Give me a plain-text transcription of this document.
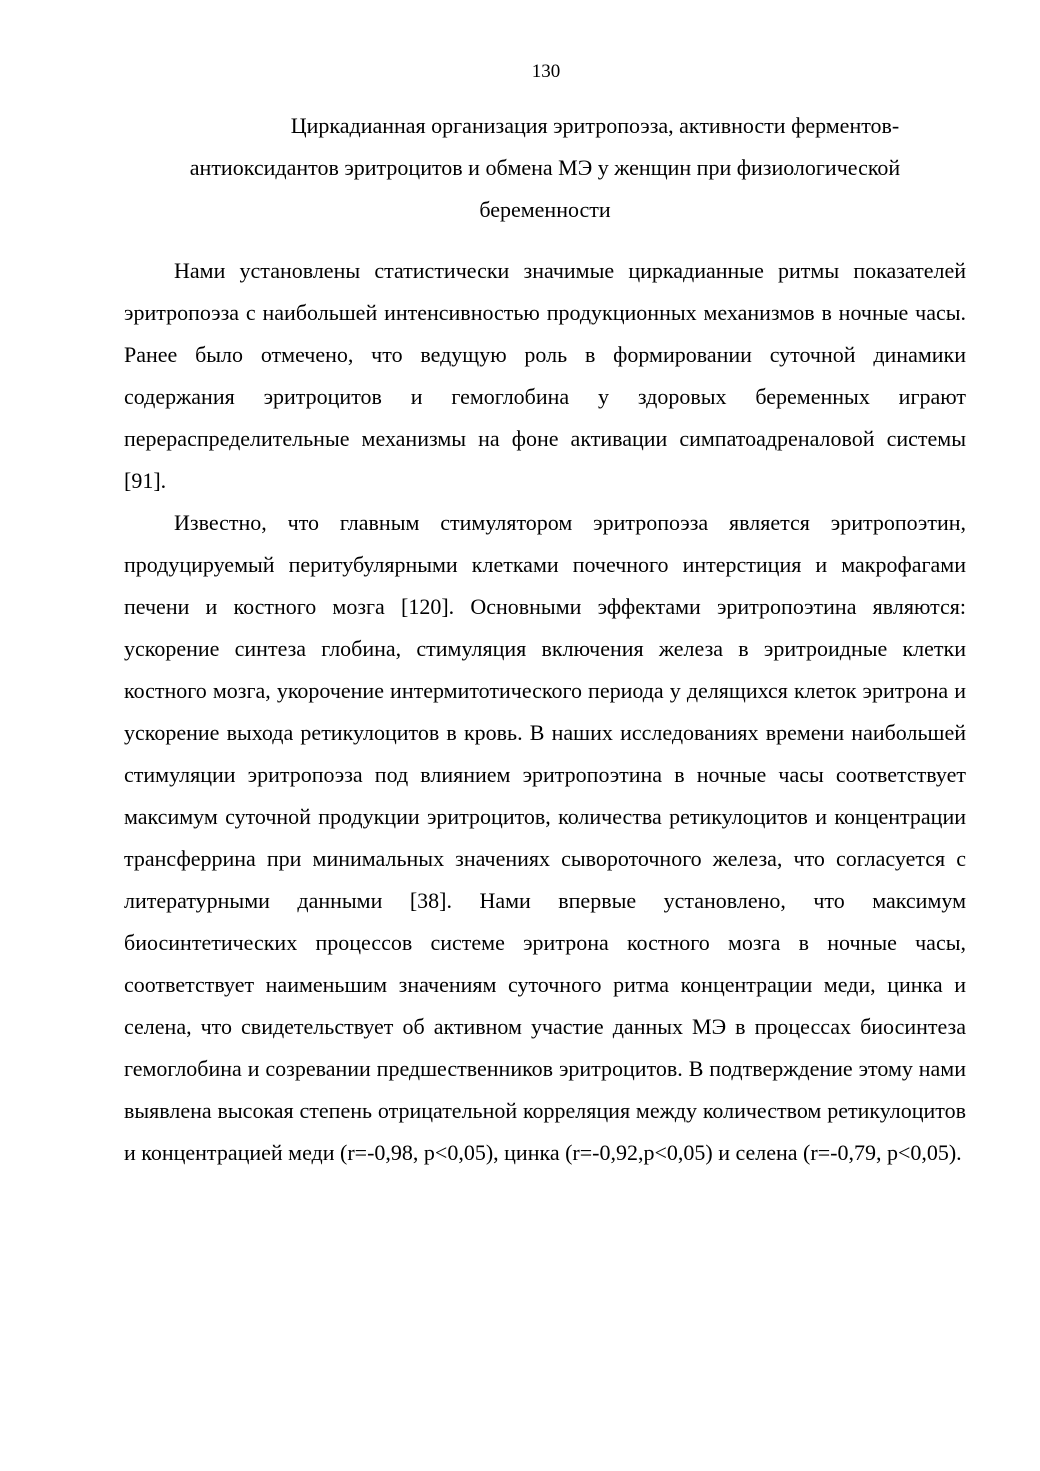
130
Циркадианная организация эритропоэза, активности ферментов-
антиоксидантов эритроцитов и обмена МЭ у женщин при физиологической
беременности

Нами установлены статистически значимые циркадианные ритмы показателей эритропоэза с наибольшей интенсивностью продукционных механизмов в ночные часы. Ранее было отмечено, что ведущую роль в формировании суточной динамики содержания эритроцитов и гемоглобина у здоровых беременных играют перераспределительные механизмы на фоне активации симпатоадреналовой системы [91].

Известно, что главным стимулятором эритропоэза является эритропоэтин, продуцируемый перитубулярными клетками почечного интерстиция и макрофагами печени и костного мозга [120]. Основными эффектами эритропоэтина являются: ускорение синтеза глобина, стимуляция включения железа в эритроидные клетки костного мозга, укорочение интермитотического периода у делящихся клеток эритрона и ускорение выхода ретикулоцитов в кровь. В наших исследованиях времени наибольшей стимуляции эритропоэза под влиянием эритропоэтина в ночные часы соответствует максимум суточной продукции эритроцитов, количества ретикулоцитов и концентрации трансферрина при минимальных значениях сывороточного железа, что согласуется с литературными данными [38]. Нами впервые установлено, что максимум биосинтетических процессов системе эритрона костного мозга в ночные часы, соответствует наименьшим значениям суточного ритма концентрации меди, цинка и селена, что свидетельствует об активном участие данных МЭ в процессах биосинтеза гемоглобина и созревании предшественников эритроцитов. В подтверждение этому нами выявлена высокая степень отрицательной корреляция между количеством ретикулоцитов и концентрацией меди (r=-0,98, p<0,05), цинка (r=-0,92,p<0,05) и селена (r=-0,79, p<0,05).
